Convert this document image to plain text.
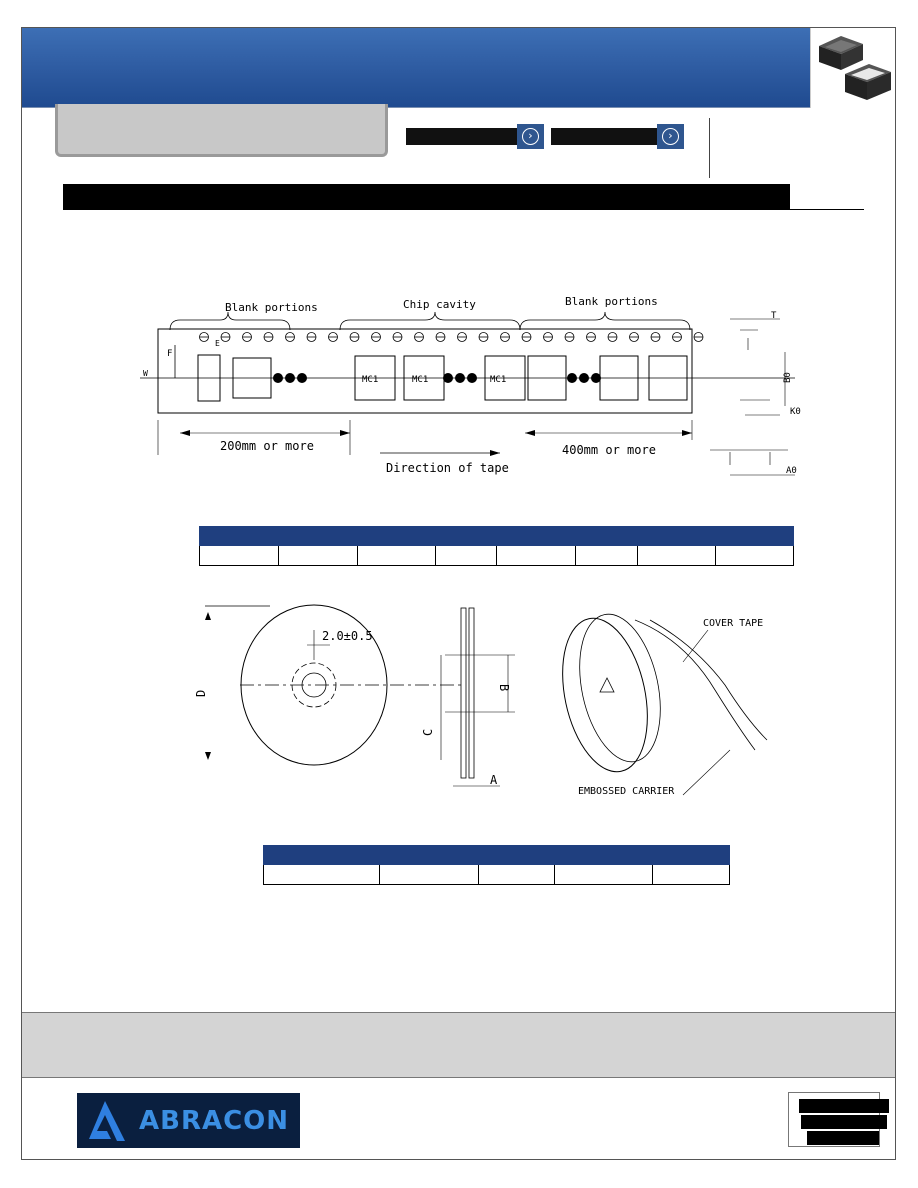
›	›
Blank portions	Chip cavity	Blank portions
MC1	MC1	MC1
W
F
E
200mm or more	400mm or more
Direction of tape
T
B0
K0
A0

D
2.0±0.5
B
C
A
COVER TAPE
EMBOSSED CARRIER

ABRACON
